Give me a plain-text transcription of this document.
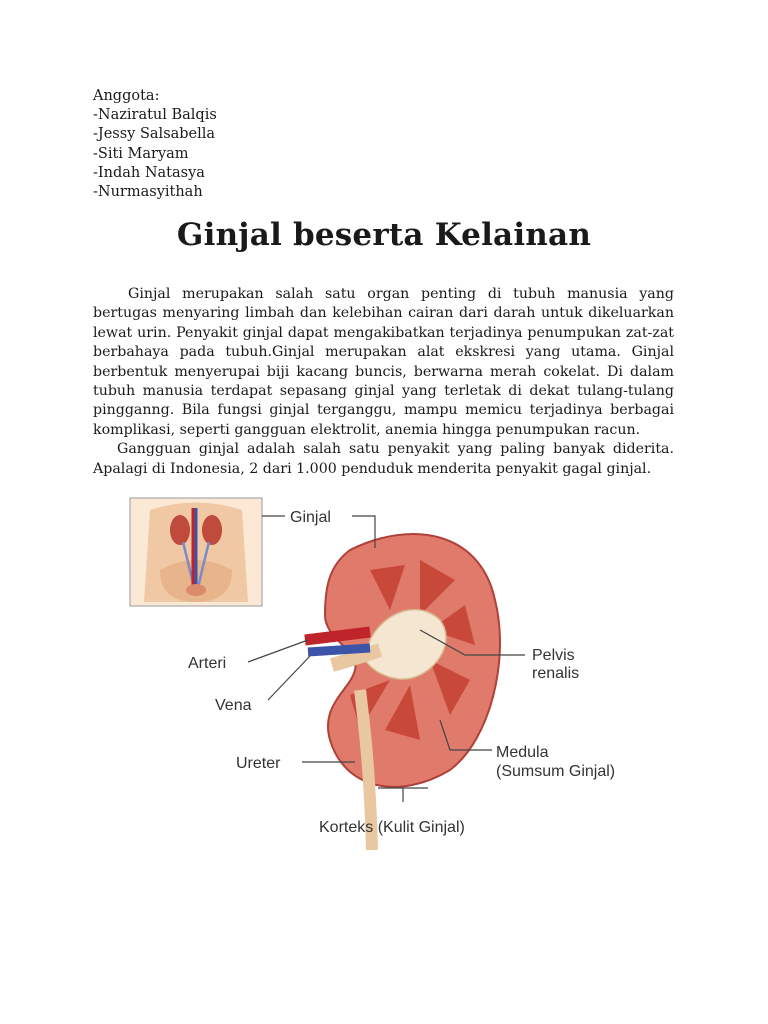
Anggota:
-Naziratul Balqis
-Jessy Salsabella
-Siti Maryam
-Indah Natasya
-Nurmasyithah
Ginjal beserta Kelainan

Ginjal merupakan salah satu organ penting di tubuh manusia yang bertugas menyaring limbah dan kelebihan cairan dari darah untuk dikeluarkan lewat urin. Penyakit ginjal dapat mengakibatkan terjadinya penumpukan zat-zat berbahaya pada tubuh.Ginjal merupakan alat ekskresi yang utama. Ginjal berbentuk menyerupai biji kacang buncis, berwarna merah cokelat. Di dalam tubuh manusia terdapat sepasang ginjal yang terletak di dekat tulang-tulang pingganng. Bila fungsi ginjal terganggu, mampu memicu terjadinya berbagai komplikasi, seperti gangguan elektrolit, anemia hingga penumpukan racun.

Gangguan ginjal adalah salah satu penyakit yang paling banyak diderita. Apalagi di Indonesia, 2 dari 1.000 penduduk menderita penyakit gagal ginjal.

Ginjal
Arteri
Vena
Ureter
Pelvis
renalis
Medula
(Sumsum Ginjal)
Korteks (Kulit Ginjal)
